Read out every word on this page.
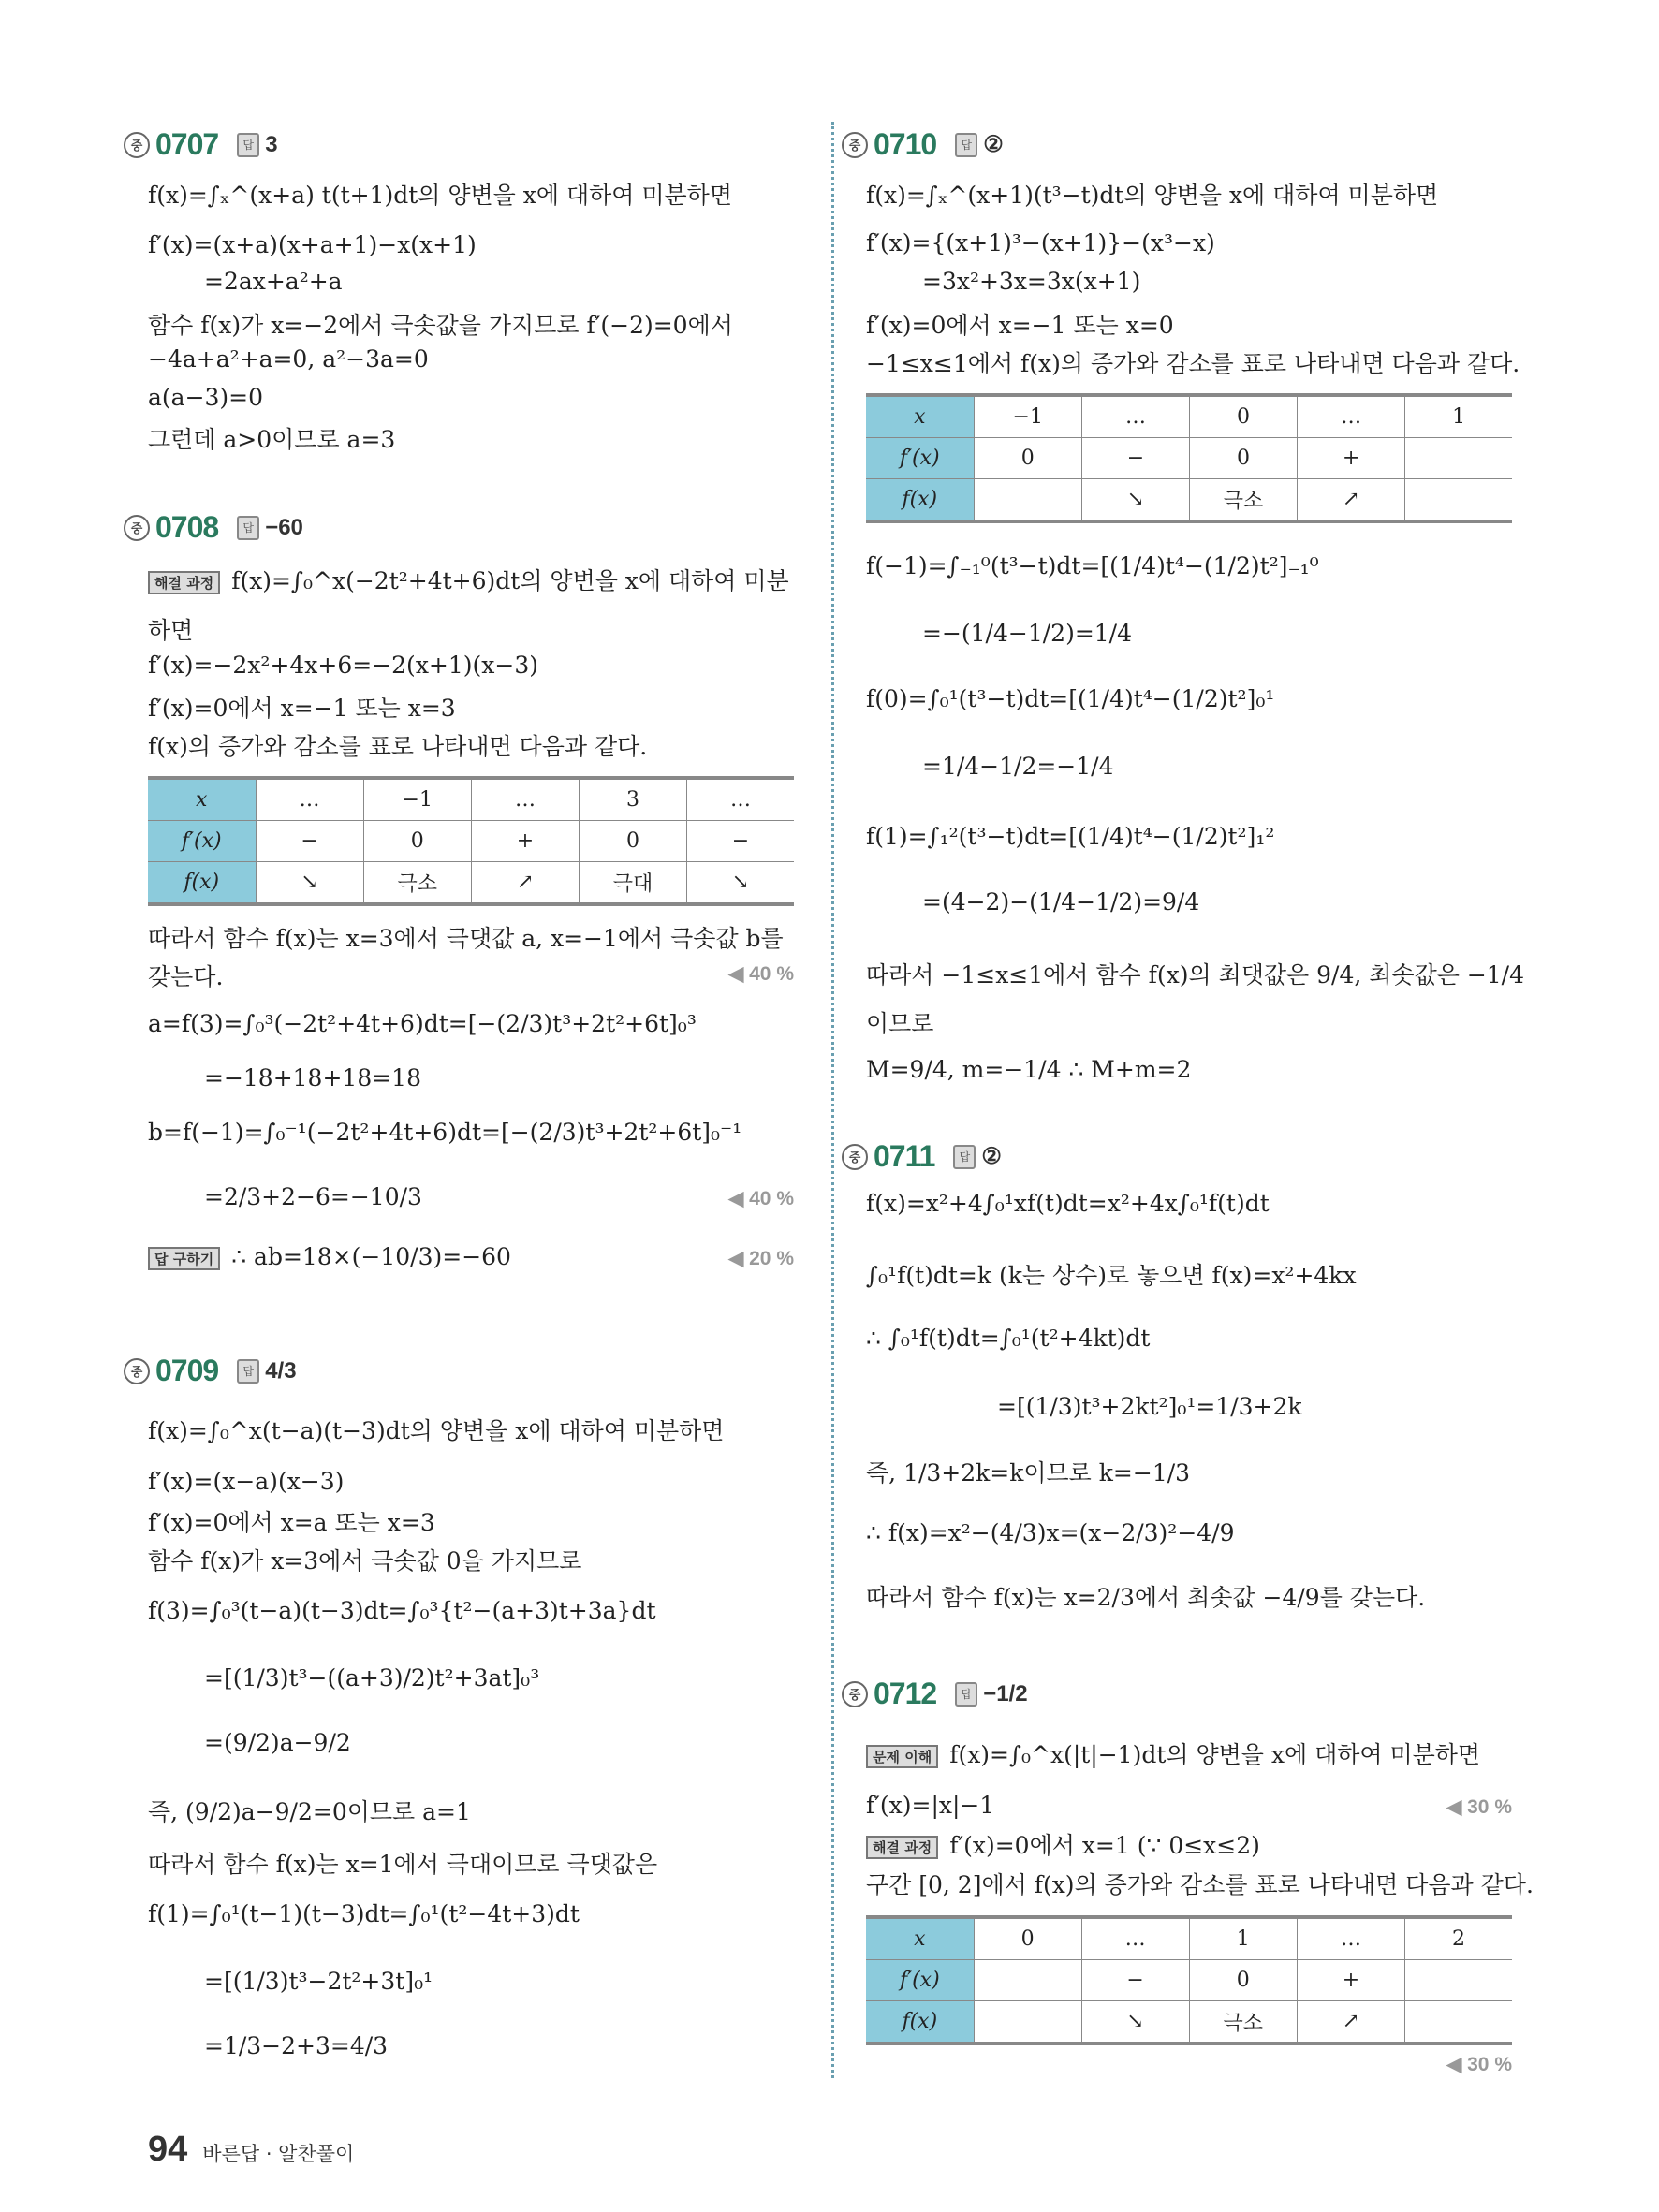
중 0707	답 3
f(x)=∫ₓ^(x+a) t(t+1)dt의 양변을 x에 대하여 미분하면
f′(x)=(x+a)(x+a+1)−x(x+1)
=2ax+a²+a
함수 f(x)가 x=−2에서 극솟값을 가지므로 f′(−2)=0에서
−4a+a²+a=0, a²−3a=0
a(a−3)=0
그런데 a>0이므로 a=3
중 0708	답 −60
해결 과정 f(x)=∫₀^x(−2t²+4t+6)dt의 양변을 x에 대하여 미분
하면
f′(x)=−2x²+4x+6=−2(x+1)(x−3)
f′(x)=0에서 x=−1 또는 x=3
f(x)의 증가와 감소를 표로 나타내면 다음과 같다.
x	…	−1	…	3	…
f′(x)	−	0	+	0	−
f(x)	↘	극소	↗	극대	↘
따라서 함수 f(x)는 x=3에서 극댓값 a, x=−1에서 극솟값 b를
갖는다.	◀ 40 %
a=f(3)=∫₀³(−2t²+4t+6)dt=[−(2/3)t³+2t²+6t]₀³
=−18+18+18=18
b=f(−1)=∫₀⁻¹(−2t²+4t+6)dt=[−(2/3)t³+2t²+6t]₀⁻¹
=2/3+2−6=−10/3	◀ 40 %
답 구하기 ∴ ab=18×(−10/3)=−60	◀ 20 %
중 0709	답 4/3
f(x)=∫₀^x(t−a)(t−3)dt의 양변을 x에 대하여 미분하면
f′(x)=(x−a)(x−3)
f′(x)=0에서 x=a 또는 x=3
함수 f(x)가 x=3에서 극솟값 0을 가지므로
f(3)=∫₀³(t−a)(t−3)dt=∫₀³{t²−(a+3)t+3a}dt
=[(1/3)t³−((a+3)/2)t²+3at]₀³
=(9/2)a−9/2
즉, (9/2)a−9/2=0이므로 a=1
따라서 함수 f(x)는 x=1에서 극대이므로 극댓값은
f(1)=∫₀¹(t−1)(t−3)dt=∫₀¹(t²−4t+3)dt
=[(1/3)t³−2t²+3t]₀¹
=1/3−2+3=4/3
중 0710	답 ②
f(x)=∫ₓ^(x+1)(t³−t)dt의 양변을 x에 대하여 미분하면
f′(x)={(x+1)³−(x+1)}−(x³−x)
=3x²+3x=3x(x+1)
f′(x)=0에서 x=−1 또는 x=0
−1≤x≤1에서 f(x)의 증가와 감소를 표로 나타내면 다음과 같다.
x	−1	…	0	…	1
f′(x)	0	−	0	+	
f(x)		↘	극소	↗	
f(−1)=∫₋₁⁰(t³−t)dt=[(1/4)t⁴−(1/2)t²]₋₁⁰
=−(1/4−1/2)=1/4
f(0)=∫₀¹(t³−t)dt=[(1/4)t⁴−(1/2)t²]₀¹
=1/4−1/2=−1/4
f(1)=∫₁²(t³−t)dt=[(1/4)t⁴−(1/2)t²]₁²
=(4−2)−(1/4−1/2)=9/4
따라서 −1≤x≤1에서 함수 f(x)의 최댓값은 9/4, 최솟값은 −1/4
이므로
M=9/4, m=−1/4 ∴ M+m=2
중 0711	답 ②
f(x)=x²+4∫₀¹xf(t)dt=x²+4x∫₀¹f(t)dt
∫₀¹f(t)dt=k (k는 상수)로 놓으면 f(x)=x²+4kx
∴ ∫₀¹f(t)dt=∫₀¹(t²+4kt)dt
=[(1/3)t³+2kt²]₀¹=1/3+2k
즉, 1/3+2k=k이므로 k=−1/3
∴ f(x)=x²−(4/3)x=(x−2/3)²−4/9
따라서 함수 f(x)는 x=2/3에서 최솟값 −4/9를 갖는다.
중 0712	답 −1/2
문제 이해 f(x)=∫₀^x(|t|−1)dt의 양변을 x에 대하여 미분하면
f′(x)=|x|−1	◀ 30 %
해결 과정 f′(x)=0에서 x=1 (∵ 0≤x≤2)
구간 [0, 2]에서 f(x)의 증가와 감소를 표로 나타내면 다음과 같다.
x	0	…	1	…	2
f′(x)		−	0	+	
f(x)		↘	극소	↗	
◀ 30 %
94 바른답 · 알찬풀이
